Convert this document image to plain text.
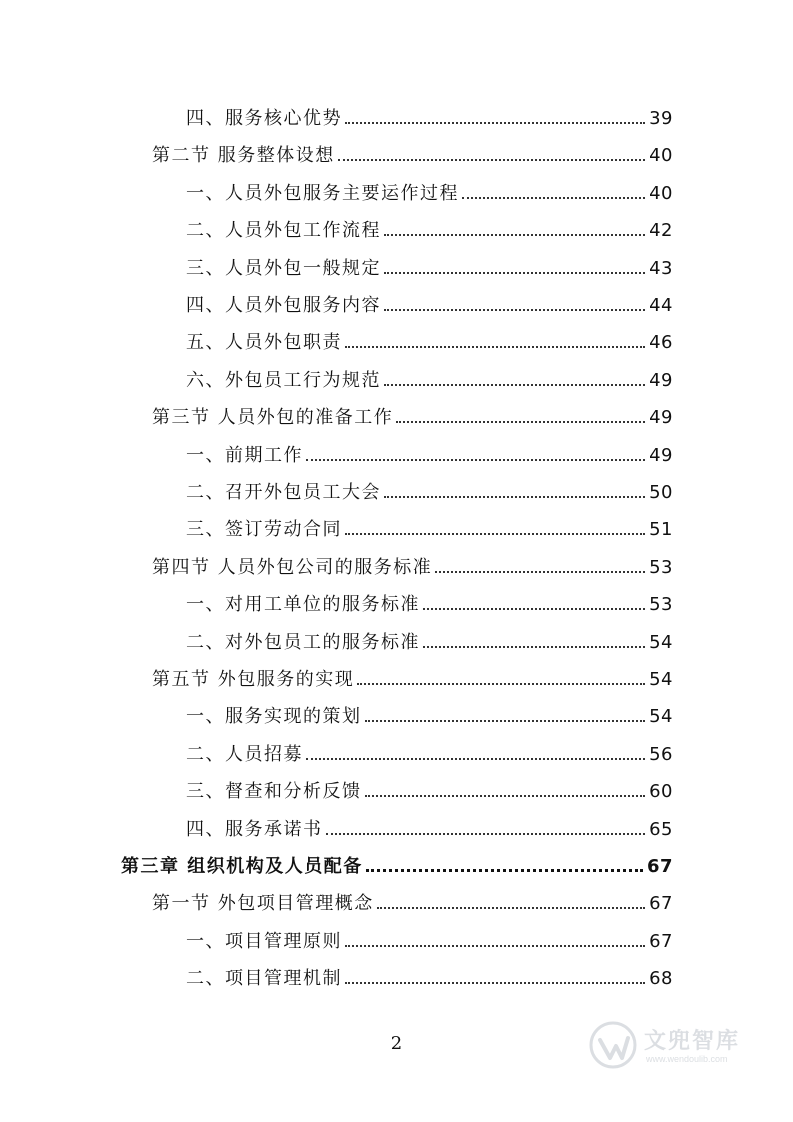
四、服务核心优势	39
第二节 服务整体设想	40
一、人员外包服务主要运作过程	40
二、人员外包工作流程	42
三、人员外包一般规定	43
四、人员外包服务内容	44
五、人员外包职责	46
六、外包员工行为规范	49
第三节 人员外包的准备工作	49
一、前期工作	49
二、召开外包员工大会	50
三、签订劳动合同	51
第四节 人员外包公司的服务标准	53
一、对用工单位的服务标准	53
二、对外包员工的服务标准	54
第五节 外包服务的实现	54
一、服务实现的策划	54
二、人员招募	56
三、督查和分析反馈	60
四、服务承诺书	65
第三章 组织机构及人员配备	67
第一节 外包项目管理概念	67
一、项目管理原则	67
二、项目管理机制	68
2	文兜智库
www.wendoulib.com
